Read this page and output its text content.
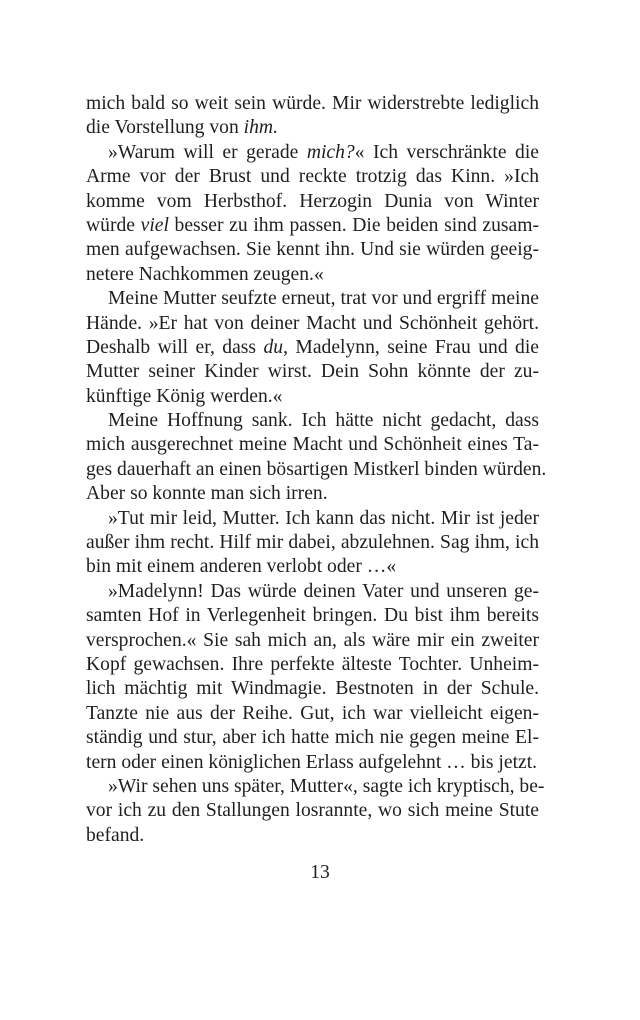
mich bald so weit sein würde. Mir widerstrebte lediglich
die Vorstellung von ihm.
»Warum will er gerade mich?« Ich verschränkte die
Arme vor der Brust und reckte trotzig das Kinn. »Ich
komme vom Herbsthof. Herzogin Dunia von Winter
würde viel besser zu ihm passen. Die beiden sind zusam-
men aufgewachsen. Sie kennt ihn. Und sie würden geeig-
netere Nachkommen zeugen.«
Meine Mutter seufzte erneut, trat vor und ergriff meine
Hände. »Er hat von deiner Macht und Schönheit gehört.
Deshalb will er, dass du, Madelynn, seine Frau und die
Mutter seiner Kinder wirst. Dein Sohn könnte der zu-
künftige König werden.«
Meine Hoffnung sank. Ich hätte nicht gedacht, dass
mich ausgerechnet meine Macht und Schönheit eines Ta-
ges dauerhaft an einen bösartigen Mistkerl binden würden.
Aber so konnte man sich irren.
»Tut mir leid, Mutter. Ich kann das nicht. Mir ist jeder
außer ihm recht. Hilf mir dabei, abzulehnen. Sag ihm, ich
bin mit einem anderen verlobt oder …«
»Madelynn! Das würde deinen Vater und unseren ge-
samten Hof in Verlegenheit bringen. Du bist ihm bereits
versprochen.« Sie sah mich an, als wäre mir ein zweiter
Kopf gewachsen. Ihre perfekte älteste Tochter. Unheim-
lich mächtig mit Windmagie. Bestnoten in der Schule.
Tanzte nie aus der Reihe. Gut, ich war vielleicht eigen-
ständig und stur, aber ich hatte mich nie gegen meine El-
tern oder einen königlichen Erlass aufgelehnt … bis jetzt.
»Wir sehen uns später, Mutter«, sagte ich kryptisch, be-
vor ich zu den Stallungen losrannte, wo sich meine Stute
befand.
13
